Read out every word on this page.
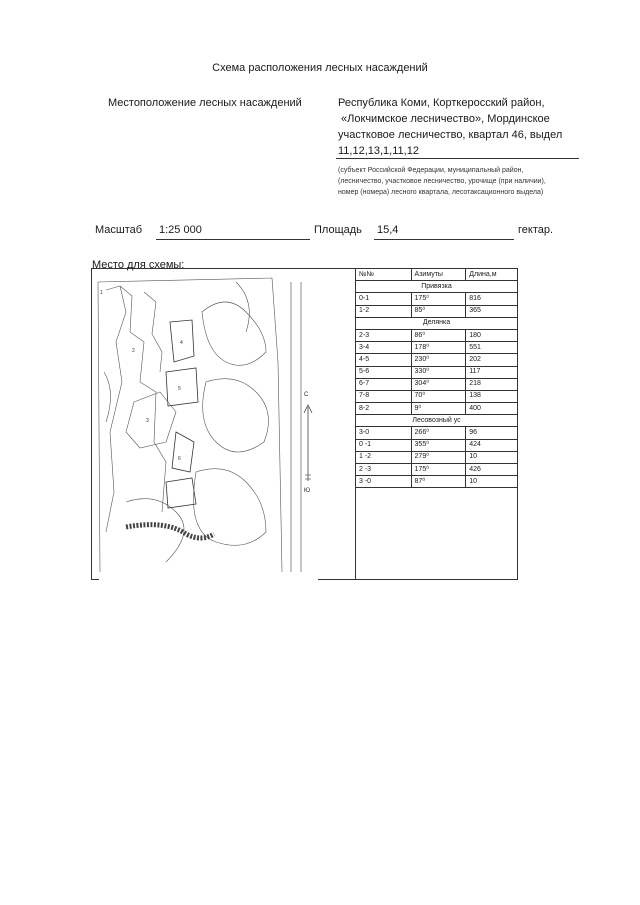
Схема расположения лесных насаждений
Местоположение лесных насаждений	Республика Коми, Корткеросский район,
«Локчимское лесничество», Мординское
участковое лесничество, квартал 46, выдел
11,12,13,1,11,12
(субъект Российской Федерации, муниципальный район,
(лесничество, участковое лесничество, урочище (при наличии),
номер (номера) лесного квартала, лесотаксационного выдела)
Масштаб 1:25 000	Площадь 15,4	гектар.
Место для схемы:
1
2
3
4
5
6
С
Ю
№№	Азимуты	Длина,м
Привязка		
0-1	175⁰	816
1-2	85⁰	365
Делянка		
2-3	86⁰	180
3-4	178⁰	551
4-5	230⁰	202
5-6	330⁰	117
6-7	304⁰	218
7-8	70⁰	138
8-2	9⁰	400
Лесовозный ус		
3-0	266⁰	96
0 -1	355⁰	424
1 -2	279⁰	10
2 -3	175⁰	426
3 -0	87⁰	10
